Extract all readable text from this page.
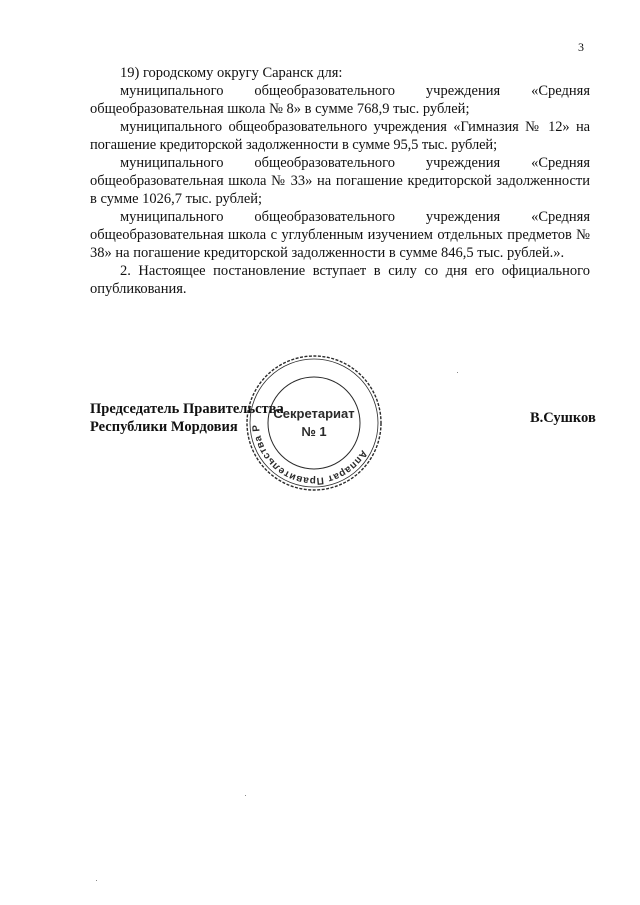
3

19) городскому округу Саранск для:

муниципального общеобразовательного учреждения «Средняя общеобразовательная школа № 8» в сумме 768,9 тыс. рублей;

муниципального общеобразовательного учреждения «Гимназия № 12» на погашение кредиторской задолженности в сумме 95,5 тыс. рублей;

муниципального общеобразовательного учреждения «Средняя общеобразовательная школа № 33» на погашение кредиторской задолженности в сумме 1026,7 тыс. рублей;

муниципального общеобразовательного учреждения «Средняя общеобразовательная школа с углубленным изучением отдельных предметов № 38» на погашение кредиторской задолженности в сумме 846,5 тыс. рублей.».

2. Настоящее постановление вступает в силу со дня его официального опубликования.

Председатель Правительства
Республики Мордовия
В.Сушков
Аппарат Правительства Р
Секретариат
№ 1
